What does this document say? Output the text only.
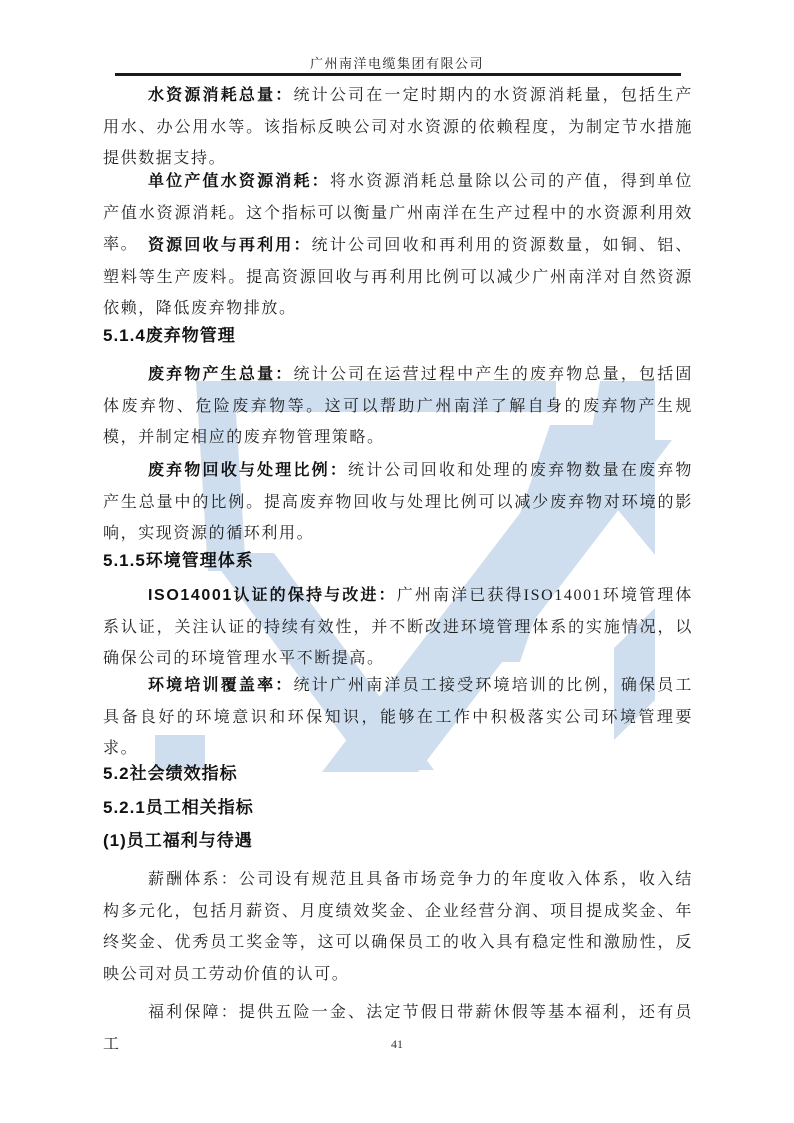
广州南洋电缆集团有限公司

水资源消耗总量：统计公司在一定时期内的水资源消耗量，包括生产用水、办公用水等。该指标反映公司对水资源的依赖程度，为制定节水措施提供数据支持。

单位产值水资源消耗：将水资源消耗总量除以公司的产值，得到单位产值水资源消耗。这个指标可以衡量广州南洋在生产过程中的水资源利用效率。 资源回收与再利用：统计公司回收和再利用的资源数量，如铜、铝、塑料等生产废料。提高资源回收与再利用比例可以减少广州南洋对自然资源依赖，降低废弃物排放。

5.1.4废弃物管理

废弃物产生总量：统计公司在运营过程中产生的废弃物总量，包括固体废弃物、危险废弃物等。这可以帮助广州南洋了解自身的废弃物产生规模，并制定相应的废弃物管理策略。

废弃物回收与处理比例：统计公司回收和处理的废弃物数量在废弃物产生总量中的比例。提高废弃物回收与处理比例可以减少废弃物对环境的影响，实现资源的循环利用。

5.1.5环境管理体系

ISO14001认证的保持与改进：广州南洋已获得ISO14001环境管理体系认证，关注认证的持续有效性，并不断改进环境管理体系的实施情况，以确保公司的环境管理水平不断提高。

环境培训覆盖率：统计广州南洋员工接受环境培训的比例，确保员工具备良好的环境意识和环保知识，能够在工作中积极落实公司环境管理要求。

5.2社会绩效指标
5.2.1员工相关指标
(1)员工福利与待遇

薪酬体系：公司设有规范且具备市场竞争力的年度收入体系，收入结构多元化，包括月薪资、月度绩效奖金、企业经营分润、项目提成奖金、年终奖金、优秀员工奖金等，这可以确保员工的收入具有稳定性和激励性，反映公司对员工劳动价值的认可。

福利保障：提供五险一金、法定节假日带薪休假等基本福利，还有员工	41
